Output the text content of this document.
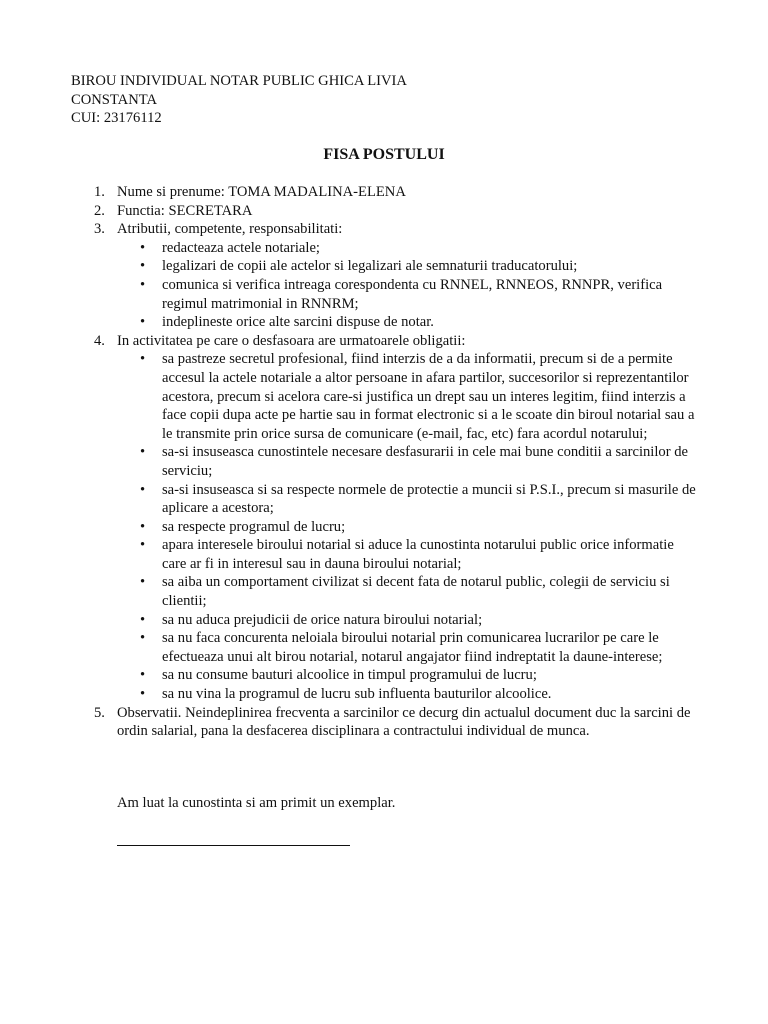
BIROU INDIVIDUAL NOTAR PUBLIC GHICA LIVIA
CONSTANTA
CUI: 23176112
FISA POSTULUI
1. Nume si prenume: TOMA MADALINA-ELENA
2. Functia: SECRETARA
3. Atributii, competente, responsabilitati:
• redacteaza actele notariale;
• legalizari de copii ale actelor si legalizari ale semnaturii traducatorului;
• comunica si verifica intreaga corespondenta cu RNNEL, RNNEOS, RNNPR, verifica regimul matrimonial in RNNRM;
• indeplineste orice alte sarcini dispuse de notar.
4. In activitatea pe care o desfasoara are urmatoarele obligatii:
• sa pastreze secretul profesional, fiind interzis de a da informatii, precum si de a permite accesul la actele notariale a altor persoane in afara partilor, succesorilor si reprezentantilor acestora, precum si acelora care-si justifica un drept sau un interes legitim, fiind interzis a face copii dupa acte pe hartie sau in format electronic si a le scoate din biroul notarial sau a le transmite prin orice sursa de comunicare (e-mail, fac, etc) fara acordul notarului;
• sa-si insuseasca cunostintele necesare desfasurarii in cele mai bune conditii a sarcinilor de serviciu;
• sa-si insuseasca si sa respecte normele de protectie a muncii si P.S.I., precum si masurile de aplicare a acestora;
• sa respecte programul de lucru;
• apara interesele biroului notarial si aduce la cunostinta notarului public orice informatie care ar fi in interesul sau in dauna biroului notarial;
• sa aiba un comportament civilizat si decent fata de notarul public, colegii de serviciu si clientii;
• sa nu aduca prejudicii de orice natura biroului notarial;
• sa nu faca concurenta neloiala biroului notarial prin comunicarea lucrarilor pe care le efectueaza unui alt birou notarial, notarul angajator fiind indreptatit la daune-interese;
• sa nu consume bauturi alcoolice in timpul programului de lucru;
• sa nu vina la programul de lucru sub influenta bauturilor alcoolice.
5. Observatii. Neindeplinirea frecventa a sarcinilor ce decurg din actualul document duc la sarcini de ordin salarial, pana la desfacerea disciplinara a contractului individual de munca.
Am luat la cunostinta si am primit un exemplar.
